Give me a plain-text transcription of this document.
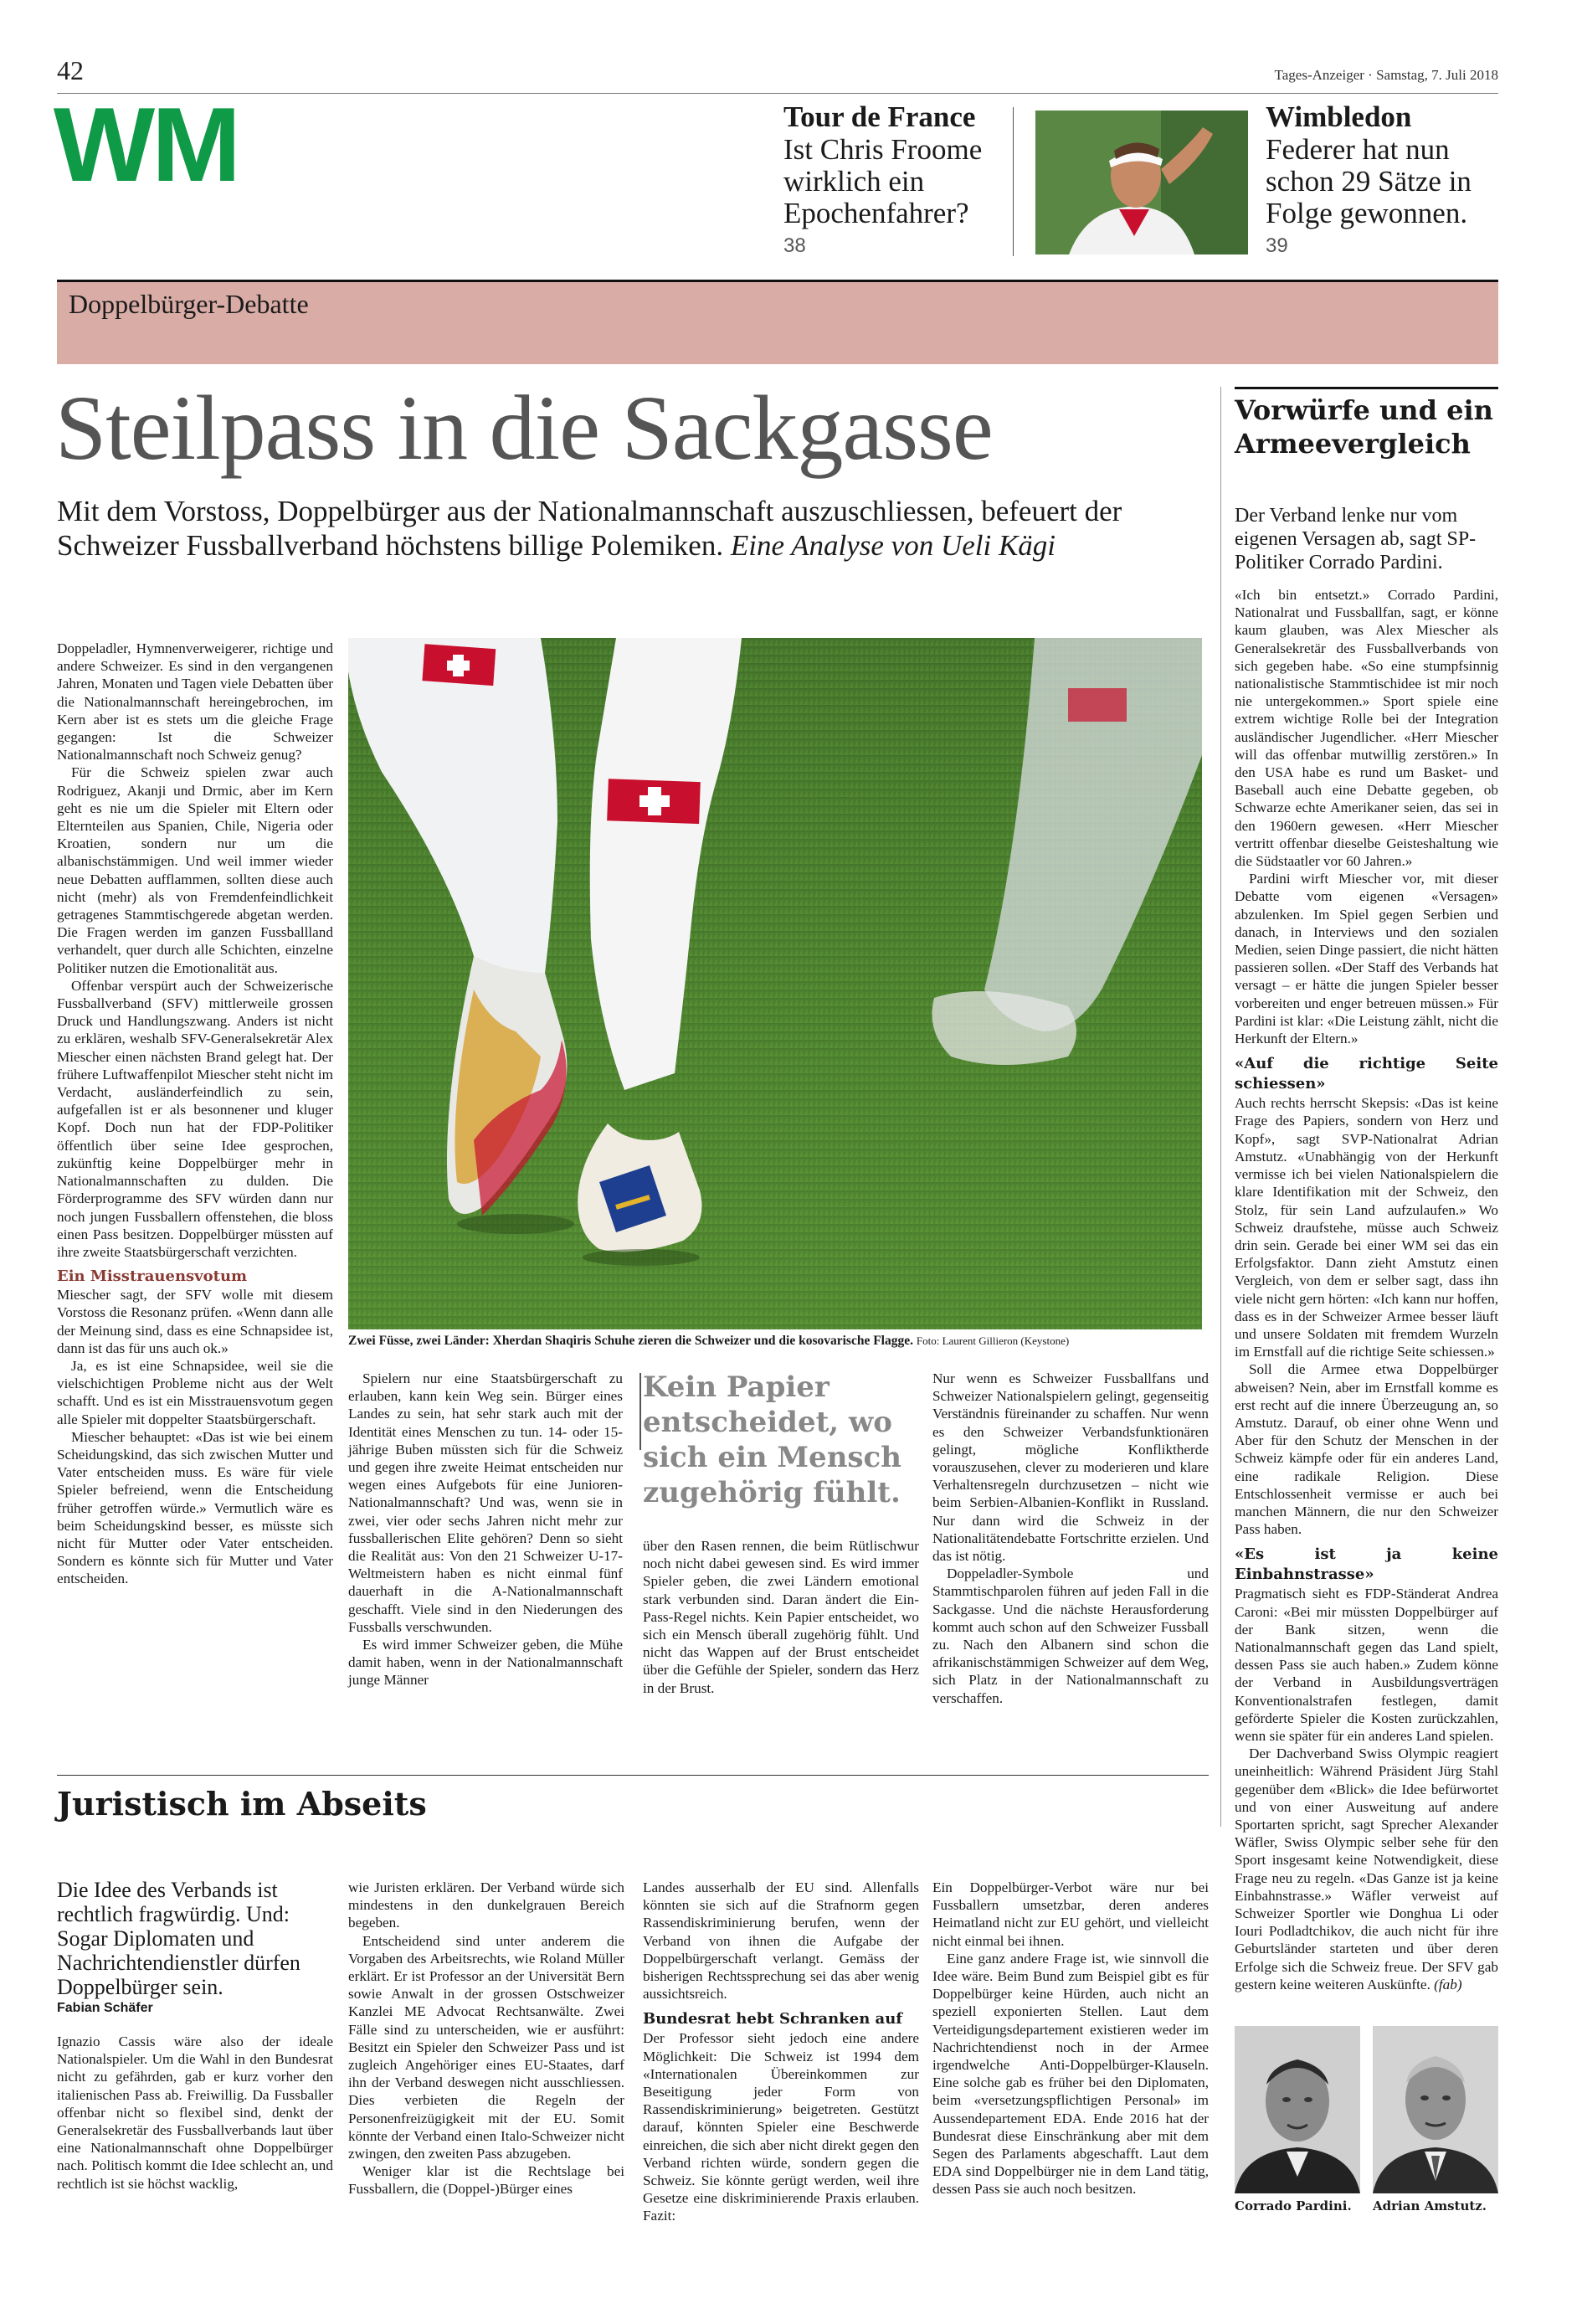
42	Tages-Anzeiger · Samstag, 7. Juli 2018
WM	Tour de France
Ist Chris Froome wirklich ein Epochenfahrer?
38
Wimbledon
Federer hat nun schon 29 Sätze in Folge gewonnen.
39
Doppelbürger-Debatte
Steilpass in die Sackgasse
Mit dem Vorstoss, Doppelbürger aus der Nationalmannschaft auszuschliessen, befeuert der Schweizer Fussballverband höchstens billige Polemiken. Eine Analyse von Ueli Kägi
Zwei Füsse, zwei Länder: Xherdan Shaqiris Schuhe zieren die Schweizer und die kosovarische Flagge. Foto: Laurent Gillieron (Keystone)

Doppeladler, Hymnenverweigerer, richtige und andere Schweizer. Es sind in den vergangenen Jahren, Monaten und Tagen viele Debatten über die Nationalmannschaft hereingebrochen, im Kern aber ist es stets um die gleiche Frage gegangen: Ist die Schweizer Nationalmannschaft noch Schweiz genug?

Für die Schweiz spielen zwar auch Rodriguez, Akanji und Drmic, aber im Kern geht es nie um die Spieler mit Eltern oder Elternteilen aus Spanien, Chile, Nigeria oder Kroatien, sondern nur um die albanischstämmigen. Und weil immer wieder neue Debatten aufflammen, sollten diese auch nicht (mehr) als von Fremdenfeindlichkeit getragenes Stammtischgerede abgetan werden. Die Fragen werden im ganzen Fussballland verhandelt, quer durch alle Schichten, einzelne Politiker nutzen die Emotionalität aus.

Offenbar verspürt auch der Schweizerische Fussballverband (SFV) mittlerweile grossen Druck und Handlungszwang. Anders ist nicht zu erklären, weshalb SFV-Generalsekretär Alex Miescher einen nächsten Brand gelegt hat. Der frühere Luftwaffenpilot Miescher steht nicht im Verdacht, ausländerfeindlich zu sein, aufgefallen ist er als besonnener und kluger Kopf. Doch nun hat der FDP-Politiker öffentlich über seine Idee gesprochen, zukünftig keine Doppelbürger mehr in Nationalmannschaften zu dulden. Die Förderprogramme des SFV würden dann nur noch jungen Fussballern offenstehen, die bloss einen Pass besitzen. Doppelbürger müssten auf ihre zweite Staatsbürgerschaft verzichten.

Ein Misstrauensvotum

Miescher sagt, der SFV wolle mit diesem Vorstoss die Resonanz prüfen. «Wenn dann alle der Meinung sind, dass es eine Schnapsidee ist, dann ist das für uns auch ok.»

Ja, es ist eine Schnapsidee, weil sie die vielschichtigen Probleme nicht aus der Welt schafft. Und es ist ein Misstrauensvotum gegen alle Spieler mit doppelter Staatsbürgerschaft.

Miescher behauptet: «Das ist wie bei einem Scheidungskind, das sich zwischen Mutter und Vater entscheiden muss. Es wäre für viele Spieler befreiend, wenn die Entscheidung früher getroffen würde.» Vermutlich wäre es beim Scheidungskind besser, es müsste sich nicht für Mutter oder Vater entscheiden. Sondern es könnte sich für Mutter und Vater entscheiden.

Spielern nur eine Staatsbürgerschaft zu erlauben, kann kein Weg sein. Bürger eines Landes zu sein, hat sehr stark auch mit der Identität eines Menschen zu tun. 14- oder 15-jährige Buben müssten sich für die Schweiz und gegen ihre zweite Heimat entscheiden nur wegen eines Aufgebots für eine Junioren-Nationalmannschaft? Und was, wenn sie in zwei, vier oder sechs Jahren nicht mehr zur fussballerischen Elite gehören? Denn so sieht die Realität aus: Von den 21 Schweizer U-17-Weltmeistern haben es nicht einmal fünf dauerhaft in die A-Nationalmannschaft geschafft. Viele sind in den Niederungen des Fussballs verschwunden.

Es wird immer Schweizer geben, die Mühe damit haben, wenn in der Nationalmannschaft junge Männer

Kein Papier entscheidet, wo sich ein Mensch zugehörig fühlt.

über den Rasen rennen, die beim Rütlischwur noch nicht dabei gewesen sind. Es wird immer Spieler geben, die zwei Ländern emotional stark verbunden sind. Daran ändert die Ein-Pass-Regel nichts. Kein Papier entscheidet, wo sich ein Mensch überall zugehörig fühlt. Und nicht das Wappen auf der Brust entscheidet über die Gefühle der Spieler, sondern das Herz in der Brust.

Nur wenn es Schweizer Fussballfans und Schweizer Nationalspielern gelingt, gegenseitig Verständnis füreinander zu schaffen. Nur wenn es den Schweizer Verbandsfunktionären gelingt, mögliche Konfliktherde vorauszusehen, clever zu moderieren und klare Verhaltensregeln durchzusetzen – nicht wie beim Serbien-Albanien-Konflikt in Russland. Nur dann wird die Schweiz in der Nationalitätendebatte Fortschritte erzielen. Und das ist nötig.

Doppeladler-Symbole und Stammtischparolen führen auf jeden Fall in die Sackgasse. Und die nächste Herausforderung kommt auch schon auf den Schweizer Fussball zu. Nach den Albanern sind schon die afrikanischstämmigen Schweizer auf dem Weg, sich Platz in der Nationalmannschaft zu verschaffen.

Vorwürfe und ein Armeevergleich
Der Verband lenke nur vom eigenen Versagen ab, sagt SP-Politiker Corrado Pardini.

«Ich bin entsetzt.» Corrado Pardini, Nationalrat und Fussballfan, sagt, er könne kaum glauben, was Alex Miescher als Generalsekretär des Fussballverbands von sich gegeben habe. «So eine stumpfsinnig nationalistische Stammtischidee ist mir noch nie untergekommen.» Sport spiele eine extrem wichtige Rolle bei der Integration ausländischer Jugendlicher. «Herr Miescher will das offenbar mutwillig zerstören.» In den USA habe es rund um Basket- und Baseball auch eine Debatte gegeben, ob Schwarze echte Amerikaner seien, das sei in den 1960ern gewesen. «Herr Miescher vertritt offenbar dieselbe Geisteshaltung wie die Südstaatler vor 60 Jahren.»

Pardini wirft Miescher vor, mit dieser Debatte vom eigenen «Versagen» abzulenken. Im Spiel gegen Serbien und danach, in Interviews und den sozialen Medien, seien Dinge passiert, die nicht hätten passieren sollen. «Der Staff des Verbands hat versagt – er hätte die jungen Spieler besser vorbereiten und enger betreuen müssen.» Für Pardini ist klar: «Die Leistung zählt, nicht die Herkunft der Eltern.»

«Auf die richtige Seite schiessen»

Auch rechts herrscht Skepsis: «Das ist keine Frage des Papiers, sondern von Herz und Kopf», sagt SVP-Nationalrat Adrian Amstutz. «Unabhängig von der Herkunft vermisse ich bei vielen Nationalspielern die klare Identifikation mit der Schweiz, den Stolz, für sein Land aufzulaufen.» Wo Schweiz draufstehe, müsse auch Schweiz drin sein. Gerade bei einer WM sei das ein Erfolgsfaktor. Dann zieht Amstutz einen Vergleich, von dem er selber sagt, dass ihn viele nicht gern hörten: «Ich kann nur hoffen, dass es in der Schweizer Armee besser läuft und unsere Soldaten mit fremdem Wurzeln im Ernstfall auf die richtige Seite schiessen.»

Soll die Armee etwa Doppelbürger abweisen? Nein, aber im Ernstfall komme es erst recht auf die innere Überzeugung an, so Amstutz. Darauf, ob einer ohne Wenn und Aber für den Schutz der Menschen in der Schweiz kämpfe oder für ein anderes Land, eine radikale Religion. Diese Entschlossenheit vermisse er auch bei manchen Männern, die nur den Schweizer Pass haben.

«Es ist ja keine Einbahnstrasse»

Pragmatisch sieht es FDP-Ständerat Andrea Caroni: «Bei mir müssten Doppelbürger auf der Bank sitzen, wenn die Nationalmannschaft gegen das Land spielt, dessen Pass sie auch haben.» Zudem könne der Verband in Ausbildungsverträgen Konventionalstrafen festlegen, damit geförderte Spieler die Kosten zurückzahlen, wenn sie später für ein anderes Land spielen.

Der Dachverband Swiss Olympic reagiert uneinheitlich: Während Präsident Jürg Stahl gegenüber dem «Blick» die Idee befürwortet und von einer Ausweitung auf andere Sportarten spricht, sagt Sprecher Alexander Wäfler, Swiss Olympic selber sehe für den Sport insgesamt keine Notwendigkeit, diese Frage neu zu regeln. «Das Ganze ist ja keine Einbahnstrasse.» Wäfler verweist auf Schweizer Sportler wie Donghua Li oder Iouri Podladtchikov, die auch nicht für ihre Geburtsländer starteten und über deren Erfolge sich die Schweiz freue. Der SFV gab gestern keine weiteren Auskünfte. (fab)

Corrado Pardini. Adrian Amstutz.
Juristisch im Abseits
Die Idee des Verbands ist rechtlich fragwürdig. Und: Sogar Diplomaten und Nachrichtendienstler dürfen Doppelbürger sein.
Fabian Schäfer

Ignazio Cassis wäre also der ideale Nationalspieler. Um die Wahl in den Bundesrat nicht zu gefährden, gab er kurz vorher den italienischen Pass ab. Freiwillig. Da Fussballer offenbar nicht so flexibel sind, denkt der Generalsekretär des Fussballverbands laut über eine Nationalmannschaft ohne Doppelbürger nach. Politisch kommt die Idee schlecht an, und rechtlich ist sie höchst wacklig,

wie Juristen erklären. Der Verband würde sich mindestens in den dunkelgrauen Bereich begeben.

Entscheidend sind unter anderem die Vorgaben des Arbeitsrechts, wie Roland Müller erklärt. Er ist Professor an der Universität Bern sowie Anwalt in der grossen Ostschweizer Kanzlei ME Advocat Rechtsanwälte. Zwei Fälle sind zu unterscheiden, wie er ausführt: Besitzt ein Spieler den Schweizer Pass und ist zugleich Angehöriger eines EU-Staates, darf ihn der Verband deswegen nicht ausschliessen. Dies verbieten die Regeln der Personenfreizügigkeit mit der EU. Somit könnte der Verband einen Italo-Schweizer nicht zwingen, den zweiten Pass abzugeben.

Weniger klar ist die Rechtslage bei Fussballern, die (Doppel-)Bürger eines

Landes ausserhalb der EU sind. Allenfalls könnten sie sich auf die Strafnorm gegen Rassendiskriminierung berufen, wenn der Verband von ihnen die Aufgabe der Doppelbürgerschaft verlangt. Gemäss der bisherigen Rechtssprechung sei das aber wenig aussichtsreich.

Bundesrat hebt Schranken auf

Der Professor sieht jedoch eine andere Möglichkeit: Die Schweiz ist 1994 dem «Internationalen Übereinkommen zur Beseitigung jeder Form von Rassendiskriminierung» beigetreten. Gestützt darauf, könnten Spieler eine Beschwerde einreichen, die sich aber nicht direkt gegen den Verband richten würde, sondern gegen die Schweiz. Sie könnte gerügt werden, weil ihre Gesetze eine diskriminierende Praxis erlauben. Fazit:

Ein Doppelbürger-Verbot wäre nur bei Fussballern umsetzbar, deren anderes Heimatland nicht zur EU gehört, und vielleicht nicht einmal bei ihnen.

Eine ganz andere Frage ist, wie sinnvoll die Idee wäre. Beim Bund zum Beispiel gibt es für Doppelbürger keine Hürden, auch nicht an speziell exponierten Stellen. Laut dem Verteidigungsdepartement existieren weder im Nachrichtendienst noch in der Armee irgendwelche Anti-Doppelbürger-Klauseln. Eine solche gab es früher bei den Diplomaten, beim «versetzungspflichtigen Personal» im Aussendepartement EDA. Ende 2016 hat der Bundesrat diese Einschränkung aber mit dem Segen des Parlaments abgeschafft. Laut dem EDA sind Doppelbürger nie in dem Land tätig, dessen Pass sie auch noch besitzen.
